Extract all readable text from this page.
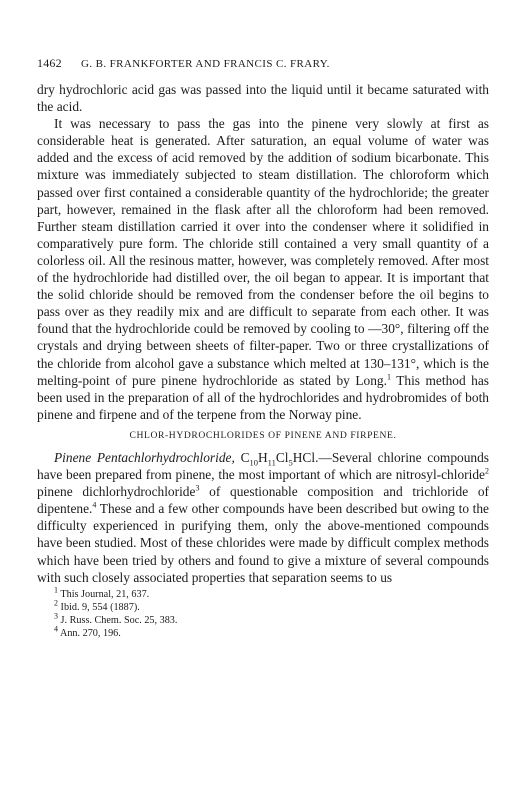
1462 G. B. FRANKFORTER AND FRANCIS C. FRARY.

dry hydrochloric acid gas was passed into the liquid until it became saturated with the acid.

It was necessary to pass the gas into the pinene very slowly at first as considerable heat is generated. After saturation, an equal volume of water was added and the excess of acid removed by the addition of sodium bicarbonate. This mixture was immediately subjected to steam distillation. The chloroform which passed over first contained a considerable quantity of the hydrochloride; the greater part, however, remained in the flask after all the chloroform had been removed. Further steam distillation carried it over into the condenser where it solidified in comparatively pure form. The chloride still contained a very small quantity of a colorless oil. All the resinous matter, however, was completely removed. After most of the hydrochloride had distilled over, the oil began to appear. It is important that the solid chloride should be removed from the condenser before the oil begins to pass over as they readily mix and are difficult to separate from each other. It was found that the hydrochloride could be removed by cooling to —30°, filtering off the crystals and drying between sheets of filter-paper. Two or three crystallizations of the chloride from alcohol gave a substance which melted at 130–131°, which is the melting-point of pure pinene hydrochloride as stated by Long.$^1$ This method has been used in the preparation of all of the hydrochlorides and hydrobromides of both pinene and firpene and of the terpene from the Norway pine.

CHLOR-HYDROCHLORIDES OF PINENE AND FIRPENE.

Pinene Pentachlorhydrochloride, $C_{10}H_{11}Cl_5HCl.—Several$ chlorine compounds have been prepared from pinene, the most important of which are nitrosyl-chloride$^2$ pinene dichlorhydrochloride$^3$ of questionable composition and trichloride of dipentene.$^4$ These and a few other compounds have been described but owing to the difficulty experienced in purifying them, only the above-mentioned compounds have been studied. Most of these chlorides were made by difficult complex methods which have been tried by others and found to give a mixture of several compounds with such closely associated properties that separation seems to us

$^1$ This Journal, 21, 637.
$^2$ Ibid. 9, 554 (1887).
$^3$ J. Russ. Chem. Soc. 25, 383.
$^4$ Ann. 270, 196.
